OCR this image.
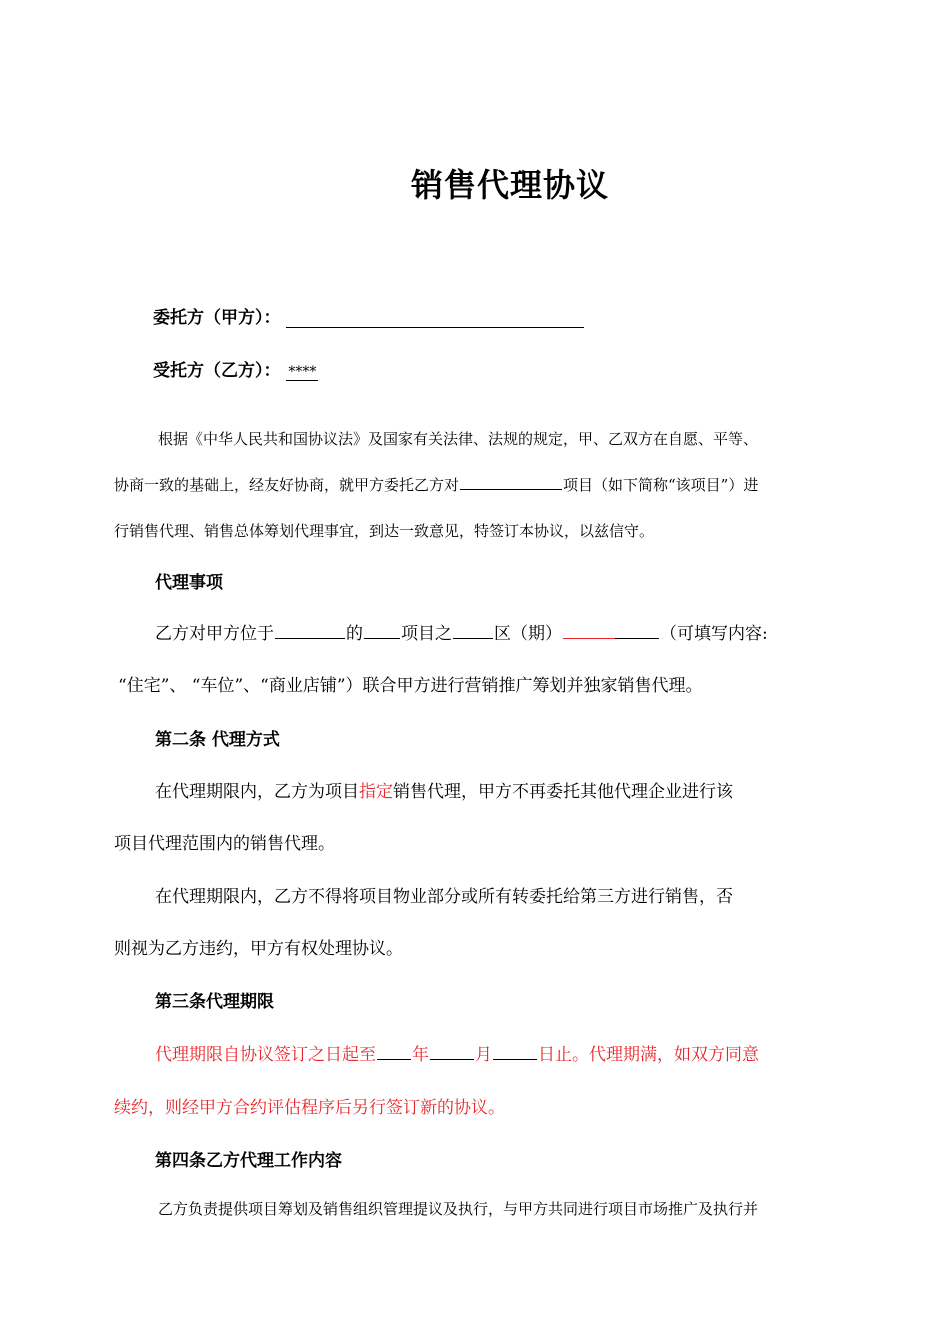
销售代理协议
委托方（甲方）：
受托方（乙方）： ****
根据《中华人民共和国协议法》及国家有关法律、法规的规定，甲、乙双方在自愿、平等、
协商一致的基础上，经友好协商，就甲方委托乙方对	项目（如下简称“该项目”）进
行销售代理、销售总体筹划代理事宜，到达一致意见，特签订本协议，以兹信守。
代理事项
乙方对甲方位于	的 项目之 区（期）	（可填写内容:
“住宅”、 “车位”、“商业店铺”）联合甲方进行营销推广筹划并独家销售代理。
第二条 代理方式
在代理期限内，乙方为项目指定销售代理，甲方不再委托其他代理企业进行该
项目代理范围内的销售代理。
在代理期限内，乙方不得将项目物业部分或所有转委托给第三方进行销售，否
则视为乙方违约，甲方有权处理协议。
第三条代理期限
代理期限自协议签订之日起至 年	月	日止。代理期满，如双方同意
续约，则经甲方合约评估程序后另行签订新的协议。
第四条乙方代理工作内容
乙方负责提供项目筹划及销售组织管理提议及执行，与甲方共同进行项目市场推广及执行并
